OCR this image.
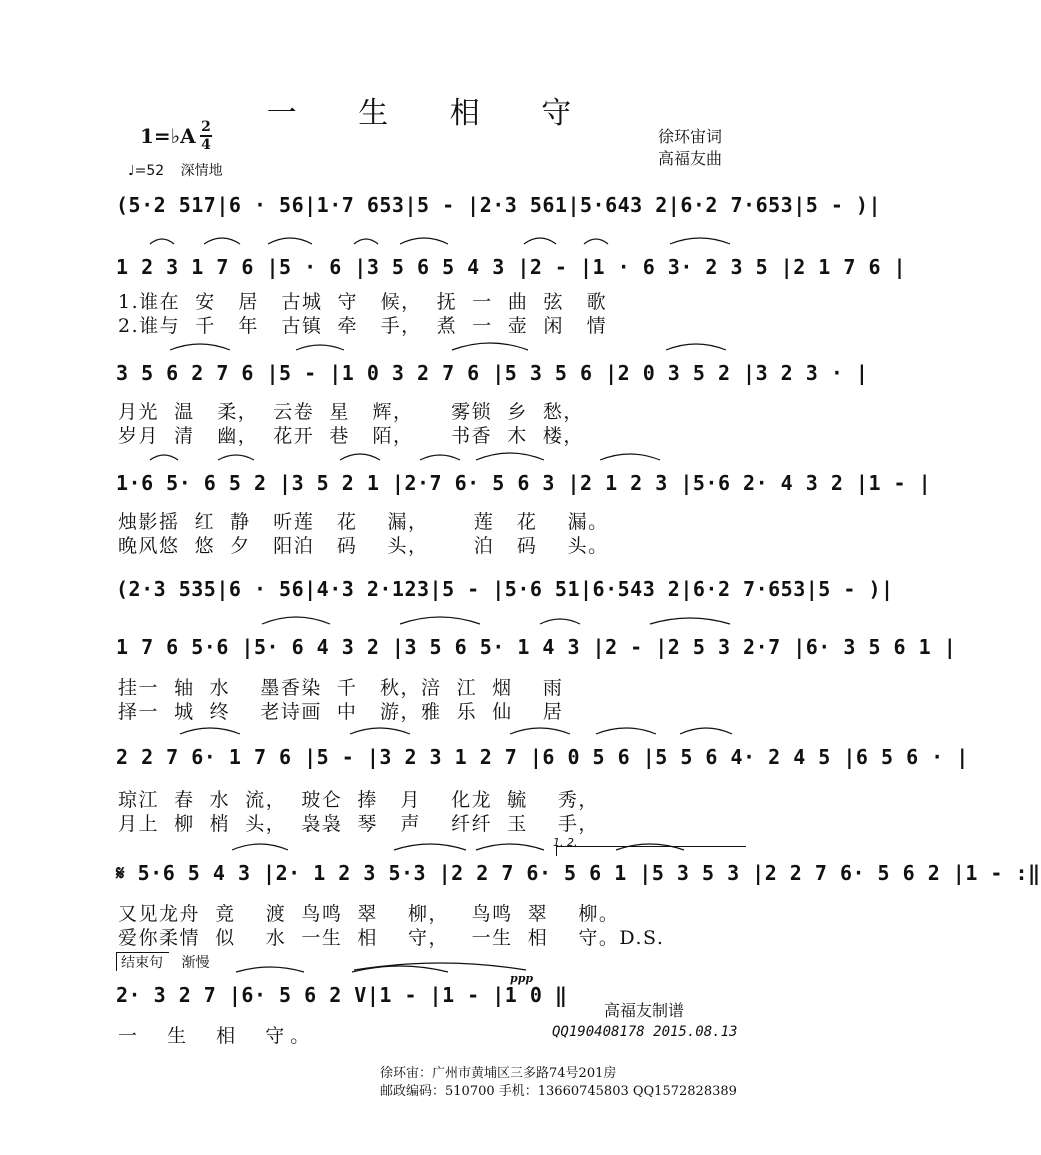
一 生 相 守
1=♭A 2
4
♩=52 深情地
徐环宙词
高福友曲
(5·2 517|6 · 56|1·7 653|5 - |2·3 561|5·643 2|6·2 7·653|5 - )|
1 2 3 1 7 6 |5 · 6 |3 5 6 5 4 3 |2 - |1 · 6 3· 2 3 5 |2 1 7 6 |
1.谁在  安   居   古城  守   候，  抚  一  曲  弦   歌
2.谁与  千   年   古镇  牵   手，  煮  一  壶  闲   情
3 5 6 2 7 6 |5 - |1 0 3 2 7 6 |5 3 5 6 |2 0 3 5 2 |3 2 3 · |
月光  温   柔，  云卷  星   辉，     雾锁  乡  愁，
岁月  清   幽，  花开  巷   陌，     书香  木  楼，
1·6 5· 6 5 2 |3 5 2 1 |2·7 6· 5 6 3 |2 1 2 3 |5·6 2· 4 3 2 |1 - |
烛影摇  红  静   听莲   花    漏，      莲   花    漏。
晚风悠  悠  夕   阳泊   码    头，      泊   码    头。
(2·3 535|6 · 56|4·3 2·123|5 - |5·6 51|6·543 2|6·2 7·653|5 - )|
1 7 6 5·6 |5· 6 4 3 2 |3 5 6 5· 1 4 3 |2 - |2 5 3 2·7 |6· 3 5 6 1 |
挂一  轴  水    墨香染  千   秋，涪  江  烟    雨
择一  城  终    老诗画  中   游，雅  乐  仙    居
2 2 7 6· 1 7 6 |5 - |3 2 3 1 2 7 |6 0 5 6 |5 5 6 4· 2 4 5 |6 5 6 · |
琼江  春  水  流，  玻仑  捧   月    化龙  毓    秀，
月上  柳  梢  头，  袅袅  琴   声    纤纤  玉    手，
1. 2.
𝄋 5·6 5 4 3 |2· 1 2 3 5·3 |2 2 7 6· 5 6 1 |5 3 5 3 |2 2 7 6· 5 6 2 |1 - :‖
又见龙舟  竟    渡  鸟鸣  翠    柳，   鸟鸣  翠    柳。
爱你柔情  似    水  一生  相    守，   一生  相    守。D.S.
结束句 渐慢
2· 3 2 7 |6· 5 6 2 V|1 - |1 - |1 0 ‖
ppp
一  生  相  守。
高福友制谱
QQ190408178 2015.08.13
徐环宙：广州市黄埔区三多路74号201房
邮政编码：510700 手机：13660745803 QQ1572828389
